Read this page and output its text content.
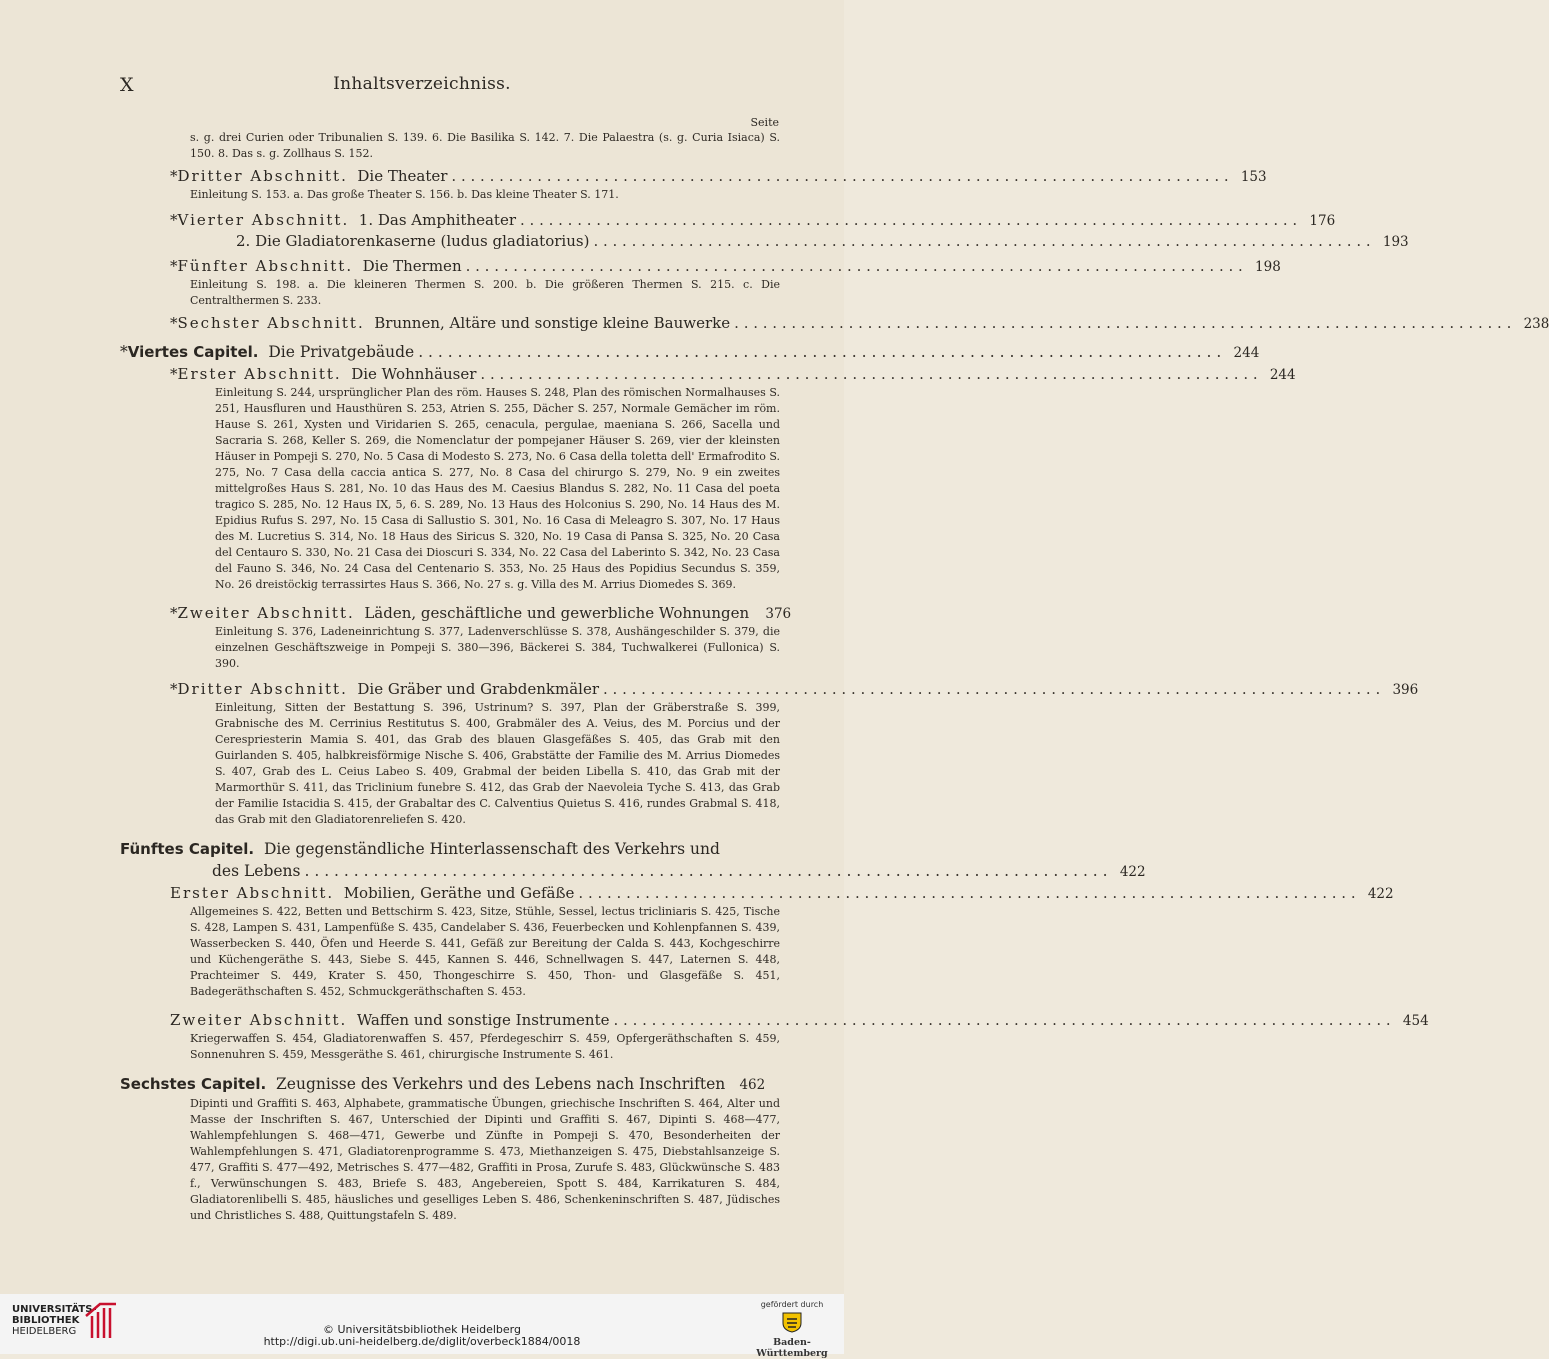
X	Inhaltsverzeichniss.
Seite
s. g. drei Curien oder Tribunalien S. 139. 6. Die Basilika S. 142. 7. Die Palaestra (s. g. Curia Isiaca) S. 150. 8. Das s. g. Zollhaus S. 152.
*Dritter Abschnitt. Die Theater . . .	153
Einleitung S. 153. a. Das große Theater S. 156. b. Das kleine Theater S. 171.
*Vierter Abschnitt. 1. Das Amphitheater . . .	176
2. Die Gladiatorenkaserne (ludus gladiatorius) . . .	193
*Fünfter Abschnitt. Die Thermen . . .	198
Einleitung S. 198. a. Die kleineren Thermen S. 200. b. Die größeren Thermen S. 215. c. Die Centralthermen S. 233.
*Sechster Abschnitt. Brunnen, Altäre und sonstige kleine Bauwerke . . .	238
*Viertes Capitel. Die Privatgebäude . . .	244
*Erster Abschnitt. Die Wohnhäuser . . .	244
Einleitung S. 244, ursprünglicher Plan des röm. Hauses S. 248, Plan des römischen Normalhauses S. 251, Hausfluren und Hausthüren S. 253, Atrien S. 255, Dächer S. 257, Normale Gemächer im röm. Hause S. 261, Xysten und Viridarien S. 265, cenacula, pergulae, maeniana S. 266, Sacella und Sacraria S. 268, Keller S. 269, die Nomenclatur der pompejaner Häuser S. 269, vier der kleinsten Häuser in Pompeji S. 270, No. 5 Casa di Modesto S. 273, No. 6 Casa della toletta dell' Ermafrodito S. 275, No. 7 Casa della caccia antica S. 277, No. 8 Casa del chirurgo S. 279, No. 9 ein zweites mittelgroßes Haus S. 281, No. 10 das Haus des M. Caesius Blandus S. 282, No. 11 Casa del poeta tragico S. 285, No. 12 Haus IX, 5, 6. S. 289, No. 13 Haus des Holconius S. 290, No. 14 Haus des M. Epidius Rufus S. 297, No. 15 Casa di Sallustio S. 301, No. 16 Casa di Meleagro S. 307, No. 17 Haus des M. Lucretius S. 314, No. 18 Haus des Siricus S. 320, No. 19 Casa di Pansa S. 325, No. 20 Casa del Centauro S. 330, No. 21 Casa dei Dioscuri S. 334, No. 22 Casa del Laberinto S. 342, No. 23 Casa del Fauno S. 346, No. 24 Casa del Centenario S. 353, No. 25 Haus des Popidius Secundus S. 359, No. 26 dreistöckig terrassirtes Haus S. 366, No. 27 s. g. Villa des M. Arrius Diomedes S. 369.
*Zweiter Abschnitt. Läden, geschäftliche und gewerbliche Wohnungen	376
Einleitung S. 376, Ladeneinrichtung S. 377, Ladenverschlüsse S. 378, Aushängeschilder S. 379, die einzelnen Geschäftszweige in Pompeji S. 380—396, Bäckerei S. 384, Tuchwalkerei (Fullonica) S. 390.
*Dritter Abschnitt. Die Gräber und Grabdenkmäler . . .	396
Einleitung, Sitten der Bestattung S. 396, Ustrinum? S. 397, Plan der Gräberstraße S. 399, Grabnische des M. Cerrinius Restitutus S. 400, Grabmäler des A. Veius, des M. Porcius und der Cerespriesterin Mamia S. 401, das Grab des blauen Glasgefäßes S. 405, das Grab mit den Guirlanden S. 405, halbkreisförmige Nische S. 406, Grabstätte der Familie des M. Arrius Diomedes S. 407, Grab des L. Ceius Labeo S. 409, Grabmal der beiden Libella S. 410, das Grab mit der Marmorthür S. 411, das Triclinium funebre S. 412, das Grab der Naevoleia Tyche S. 413, das Grab der Familie Istacidia S. 415, der Grabaltar des C. Calventius Quietus S. 416, rundes Grabmal S. 418, das Grab mit den Gladiatorenreliefen S. 420.
Fünftes Capitel. Die gegenständliche Hinterlassenschaft des Verkehrs und
des Lebens . . .	422
Erster Abschnitt. Mobilien, Geräthe und Gefäße . . .	422
Allgemeines S. 422, Betten und Bettschirm S. 423, Sitze, Stühle, Sessel, lectus tricliniaris S. 425, Tische S. 428, Lampen S. 431, Lampenfüße S. 435, Candelaber S. 436, Feuerbecken und Kohlenpfannen S. 439, Wasserbecken S. 440, Öfen und Heerde S. 441, Gefäß zur Bereitung der Calda S. 443, Kochgeschirre und Küchengeräthe S. 443, Siebe S. 445, Kannen S. 446, Schnellwagen S. 447, Laternen S. 448, Prachteimer S. 449, Krater S. 450, Thongeschirre S. 450, Thon- und Glasgefäße S. 451, Badegeräthschaften S. 452, Schmuckgeräthschaften S. 453.
Zweiter Abschnitt. Waffen und sonstige Instrumente . . .	454
Kriegerwaffen S. 454, Gladiatorenwaffen S. 457, Pferdegeschirr S. 459, Opfergeräthschaften S. 459, Sonnenuhren S. 459, Messgeräthe S. 461, chirurgische Instrumente S. 461.
Sechstes Capitel. Zeugnisse des Verkehrs und des Lebens nach Inschriften	462
Dipinti und Graffiti S. 463, Alphabete, grammatische Übungen, griechische Inschriften S. 464, Alter und Masse der Inschriften S. 467, Unterschied der Dipinti und Graffiti S. 467, Dipinti S. 468—477, Wahlempfehlungen S. 468—471, Gewerbe und Zünfte in Pompeji S. 470, Besonderheiten der Wahlempfehlungen S. 471, Gladiatorenprogramme S. 473, Miethanzeigen S. 475, Diebstahlsanzeige S. 477, Graffiti S. 477—492, Metrisches S. 477—482, Graffiti in Prosa, Zurufe S. 483, Glückwünsche S. 483 f., Verwünschungen S. 483, Briefe S. 483, Angebereien, Spott S. 484, Karrikaturen S. 484, Gladiatorenlibelli S. 485, häusliches und geselliges Leben S. 486, Schenkeninschriften S. 487, Jüdisches und Christliches S. 488, Quittungstafeln S. 489.
UNIVERSITÄTS-
BIBLIOTHEK
HEIDELBERG	© Universitätsbibliothek Heidelberg
http://digi.ub.uni-heidelberg.de/diglit/overbeck1884/0018
gefördert durch
Baden-Württemberg
